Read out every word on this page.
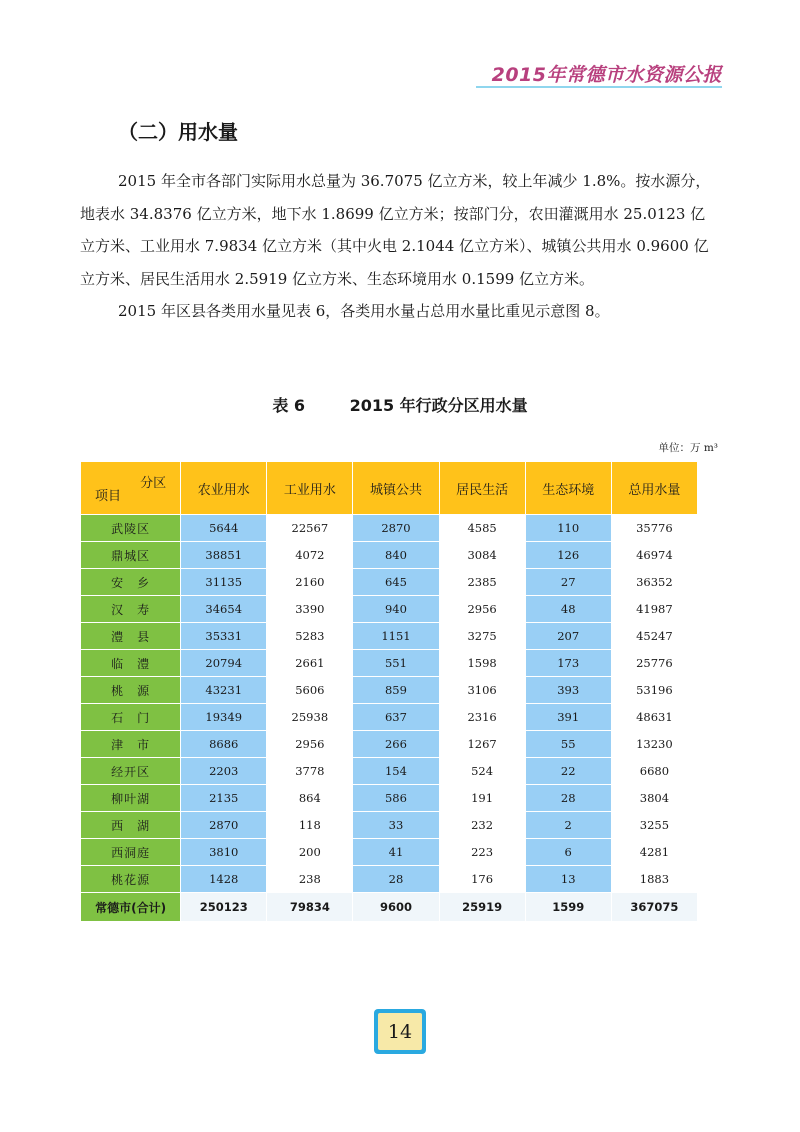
2015年常德市水资源公报
（二）用水量

2015 年全市各部门实际用水总量为 36.7075 亿立方米，较上年减少 1.8%。按水源分，地表水 34.8376 亿立方米，地下水 1.8699 亿立方米；按部门分，农田灌溉用水 25.0123 亿立方米、工业用水 7.9834 亿立方米（其中火电 2.1044 亿立方米）、城镇公共用水 0.9600 亿立方米、居民生活用水 2.5919 亿立方米、生态环境用水 0.1599 亿立方米。

2015 年区县各类用水量见表 6，各类用水量占总用水量比重见示意图 8。

表 6        2015 年行政分区用水量
单位：万 m³
分区
项目	农业用水	工业用水	城镇公共	居民生活	生态环境	总用水量
武陵区	5644	22567	2870	4585	110	35776
鼎城区	38851	4072	840	3084	126	46974
安　乡	31135	2160	645	2385	27	36352
汉　寿	34654	3390	940	2956	48	41987
澧　县	35331	5283	1151	3275	207	45247
临　澧	20794	2661	551	1598	173	25776
桃　源	43231	5606	859	3106	393	53196
石　门	19349	25938	637	2316	391	48631
津　市	8686	2956	266	1267	55	13230
经开区	2203	3778	154	524	22	6680
柳叶湖	2135	864	586	191	28	3804
西　湖	2870	118	33	232	2	3255
西洞庭	3810	200	41	223	6	4281
桃花源	1428	238	28	176	13	1883
常德市(合计)	250123	79834	9600	25919	1599	367075
14
